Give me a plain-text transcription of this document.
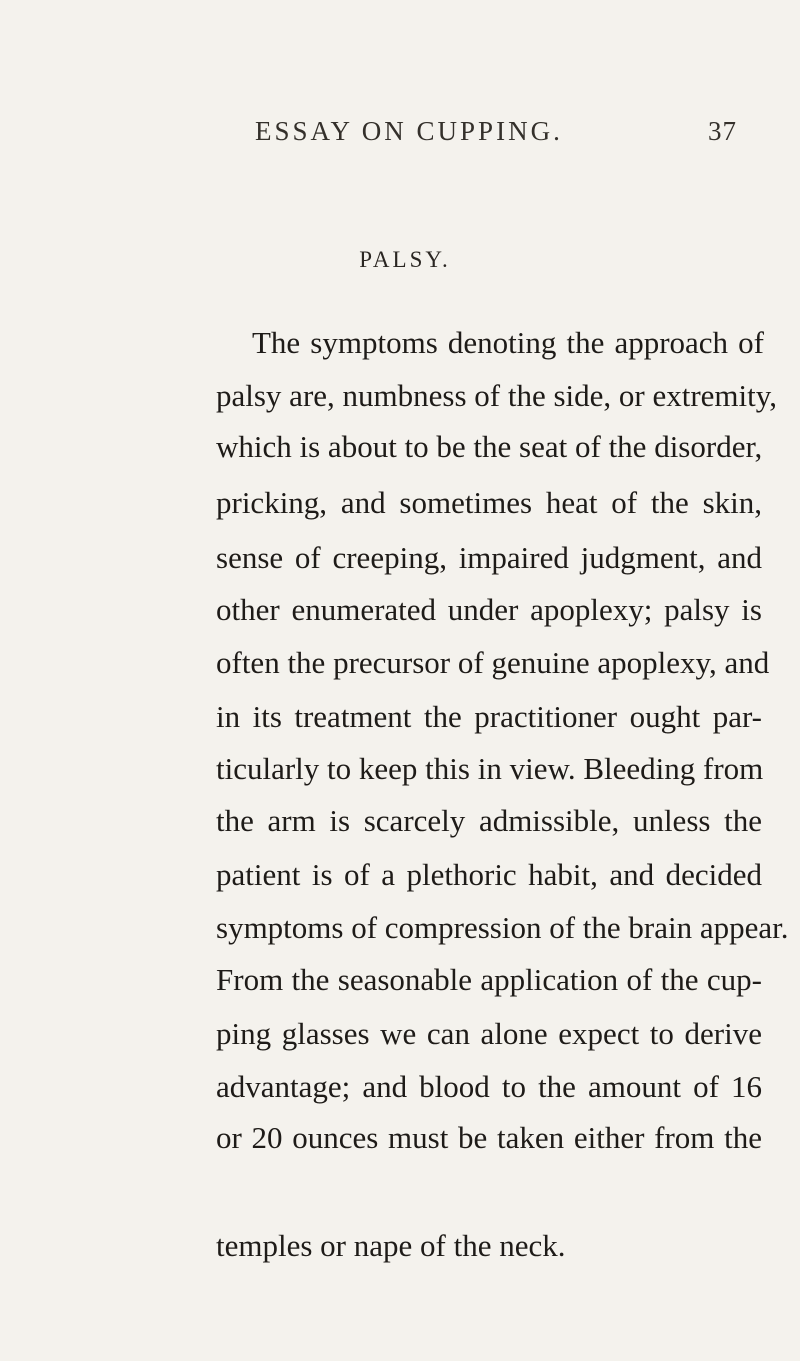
ESSAY ON CUPPING.	37
PALSY.
The symptoms denoting the approach of
palsy are, numbness of the side, or extremity,
which is about to be the seat of the disorder,
pricking, and sometimes heat of the skin,
sense of creeping, impaired judgment, and
other enumerated under apoplexy; palsy is
often the precursor of genuine apoplexy, and
in its treatment the practitioner ought par-
ticularly to keep this in view. Bleeding from
the arm is scarcely admissible, unless the
patient is of a plethoric habit, and decided
symptoms of compression of the brain appear.
From the seasonable application of the cup-
ping glasses we can alone expect to derive
advantage; and blood to the amount of 16
or 20 ounces must be taken either from the
temples or nape of the neck.
